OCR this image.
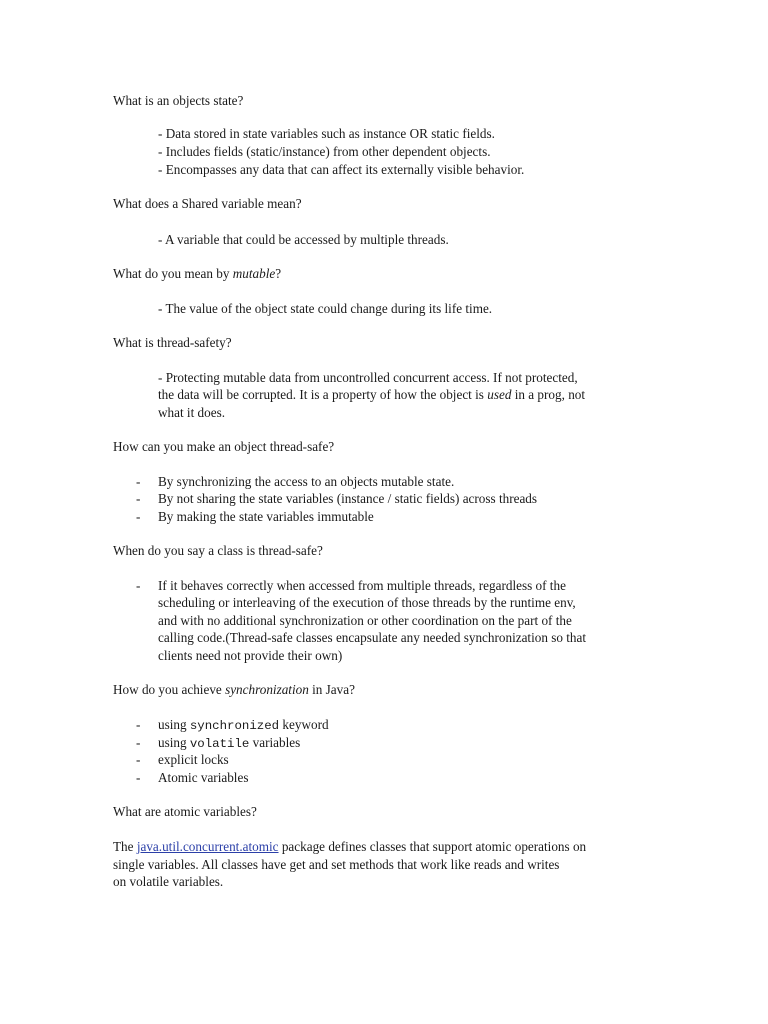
What is an objects state?
- Data stored in state variables such as instance OR static fields.
- Includes fields (static/instance) from other dependent objects.
- Encompasses any data that can affect its externally visible behavior.
What does a Shared variable mean?
- A variable that could be accessed by multiple threads.
What do you mean by mutable?
- The value of the object state could change during its life time.
What is thread-safety?
- Protecting mutable data from uncontrolled concurrent access. If not protected,
the data will be corrupted. It is a property of how the object is used in a prog, not
what it does.
How can you make an object thread-safe?
- By synchronizing the access to an objects mutable state.
- By not sharing the state variables (instance / static fields) across threads
- By making the state variables immutable
When do you say a class is thread-safe?
- If it behaves correctly when accessed from multiple threads, regardless of the
scheduling or interleaving of the execution of those threads by the runtime env,
and with no additional synchronization or other coordination on the part of the
calling code.(Thread-safe classes encapsulate any needed synchronization so that
clients need not provide their own)
How do you achieve synchronization in Java?
- using synchronized keyword
- using volatile variables
- explicit locks
- Atomic variables
What are atomic variables?
The java.util.concurrent.atomic package defines classes that support atomic operations on
single variables. All classes have get and set methods that work like reads and writes
on volatile variables.
